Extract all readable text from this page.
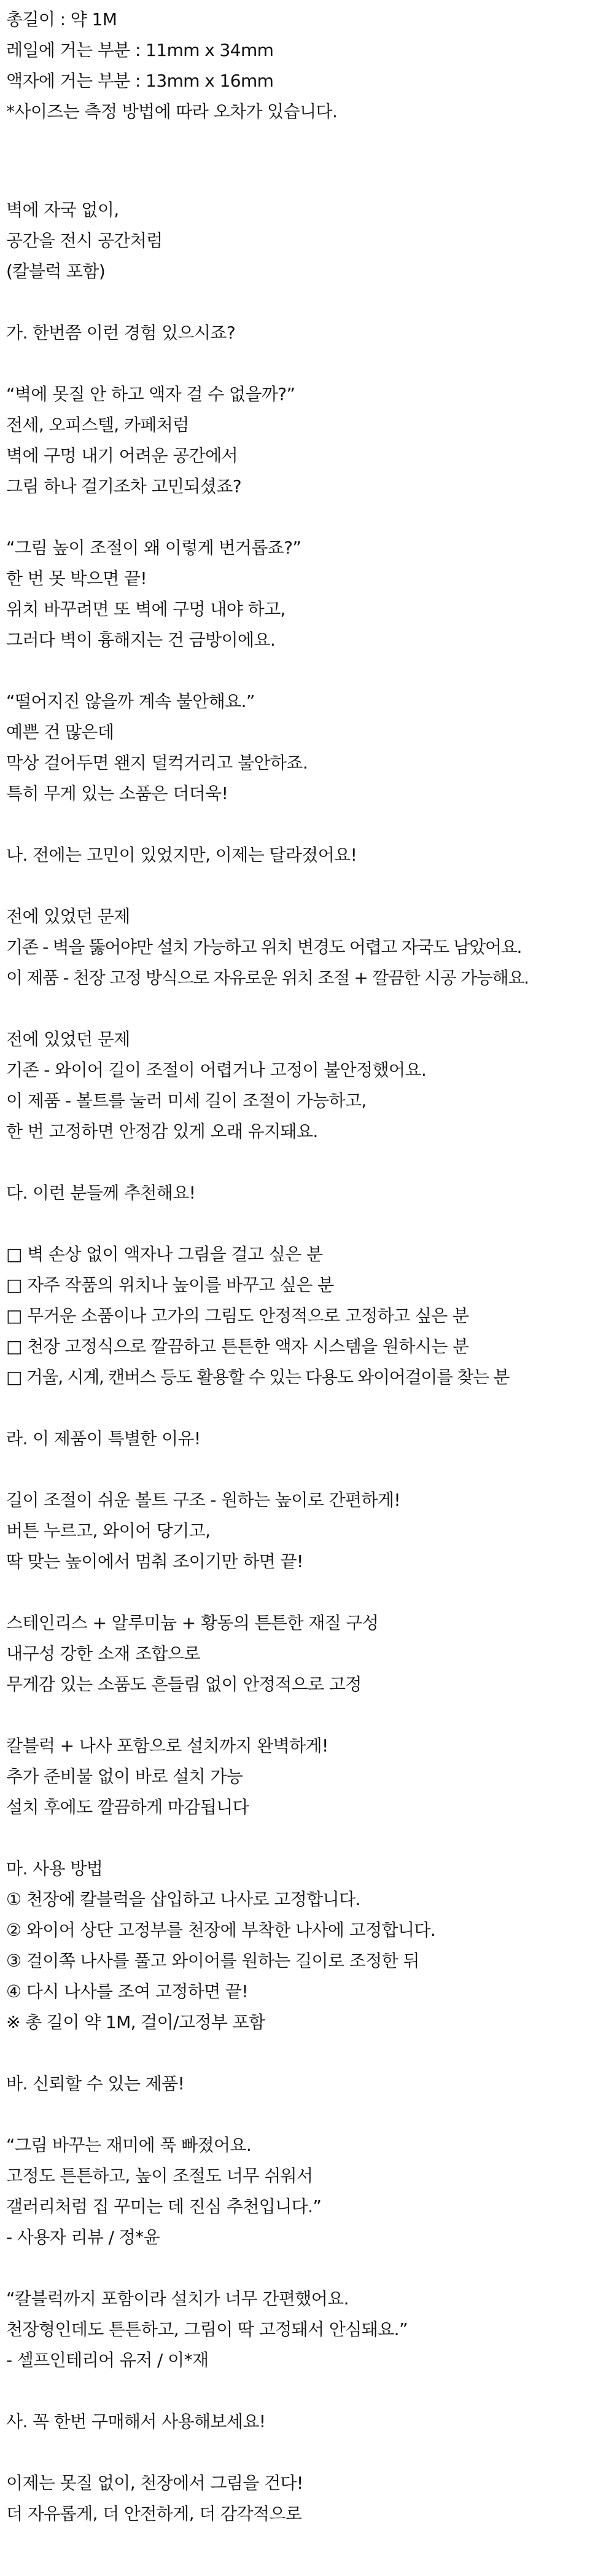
총길이 : 약 1M

레일에 거는 부분 : 11mm x 34mm

액자에 거는 부분 : 13mm x 16mm

*사이즈는 측정 방법에 따라 오차가 있습니다.

벽에 자국 없이,

공간을 전시 공간처럼

(칼블럭 포함)

가. 한번쯤 이런 경험 있으시죠?

“벽에 못질 안 하고 액자 걸 수 없을까?”

전세, 오피스텔, 카페처럼

벽에 구멍 내기 어려운 공간에서

그림 하나 걸기조차 고민되셨죠?

“그림 높이 조절이 왜 이렇게 번거롭죠?”

한 번 못 박으면 끝!

위치 바꾸려면 또 벽에 구멍 내야 하고,

그러다 벽이 흉해지는 건 금방이에요.

“떨어지진 않을까 계속 불안해요.”

예쁜 건 많은데

막상 걸어두면 왠지 덜컥거리고 불안하죠.

특히 무게 있는 소품은 더더욱!

나. 전에는 고민이 있었지만, 이제는 달라졌어요!

전에 있었던 문제

기존 - 벽을 뚫어야만 설치 가능하고 위치 변경도 어렵고 자국도 남았어요.

이 제품 - 천장 고정 방식으로 자유로운 위치 조절 + 깔끔한 시공 가능해요.

전에 있었던 문제

기존 - 와이어 길이 조절이 어렵거나 고정이 불안정했어요.

이 제품 - 볼트를 눌러 미세 길이 조절이 가능하고,

한 번 고정하면 안정감 있게 오래 유지돼요.

다. 이런 분들께 추천해요!

□ 벽 손상 없이 액자나 그림을 걸고 싶은 분

□ 자주 작품의 위치나 높이를 바꾸고 싶은 분

□ 무거운 소품이나 고가의 그림도 안정적으로 고정하고 싶은 분

□ 천장 고정식으로 깔끔하고 튼튼한 액자 시스템을 원하시는 분

□ 거울, 시계, 캔버스 등도 활용할 수 있는 다용도 와이어걸이를 찾는 분

라. 이 제품이 특별한 이유!

길이 조절이 쉬운 볼트 구조 - 원하는 높이로 간편하게!

버튼 누르고, 와이어 당기고,

딱 맞는 높이에서 멈춰 조이기만 하면 끝!

스테인리스 + 알루미늄 + 황동의 튼튼한 재질 구성

내구성 강한 소재 조합으로

무게감 있는 소품도 흔들림 없이 안정적으로 고정

칼블럭 + 나사 포함으로 설치까지 완벽하게!

추가 준비물 없이 바로 설치 가능

설치 후에도 깔끔하게 마감됩니다

마. 사용 방법

① 천장에 칼블럭을 삽입하고 나사로 고정합니다.

② 와이어 상단 고정부를 천장에 부착한 나사에 고정합니다.

③ 걸이쪽 나사를 풀고 와이어를 원하는 길이로 조정한 뒤

④ 다시 나사를 조여 고정하면 끝!

※ 총 길이 약 1M, 걸이/고정부 포함

바. 신뢰할 수 있는 제품!

“그림 바꾸는 재미에 푹 빠졌어요.

고정도 튼튼하고, 높이 조절도 너무 쉬워서

갤러리처럼 집 꾸미는 데 진심 추천입니다.”

- 사용자 리뷰 / 정*윤

“칼블럭까지 포함이라 설치가 너무 간편했어요.

천장형인데도 튼튼하고, 그림이 딱 고정돼서 안심돼요.”

- 셀프인테리어 유저 / 이*재

사. 꼭 한번 구매해서 사용해보세요!

이제는 못질 없이, 천장에서 그림을 건다!

더 자유롭게, 더 안전하게, 더 감각적으로
